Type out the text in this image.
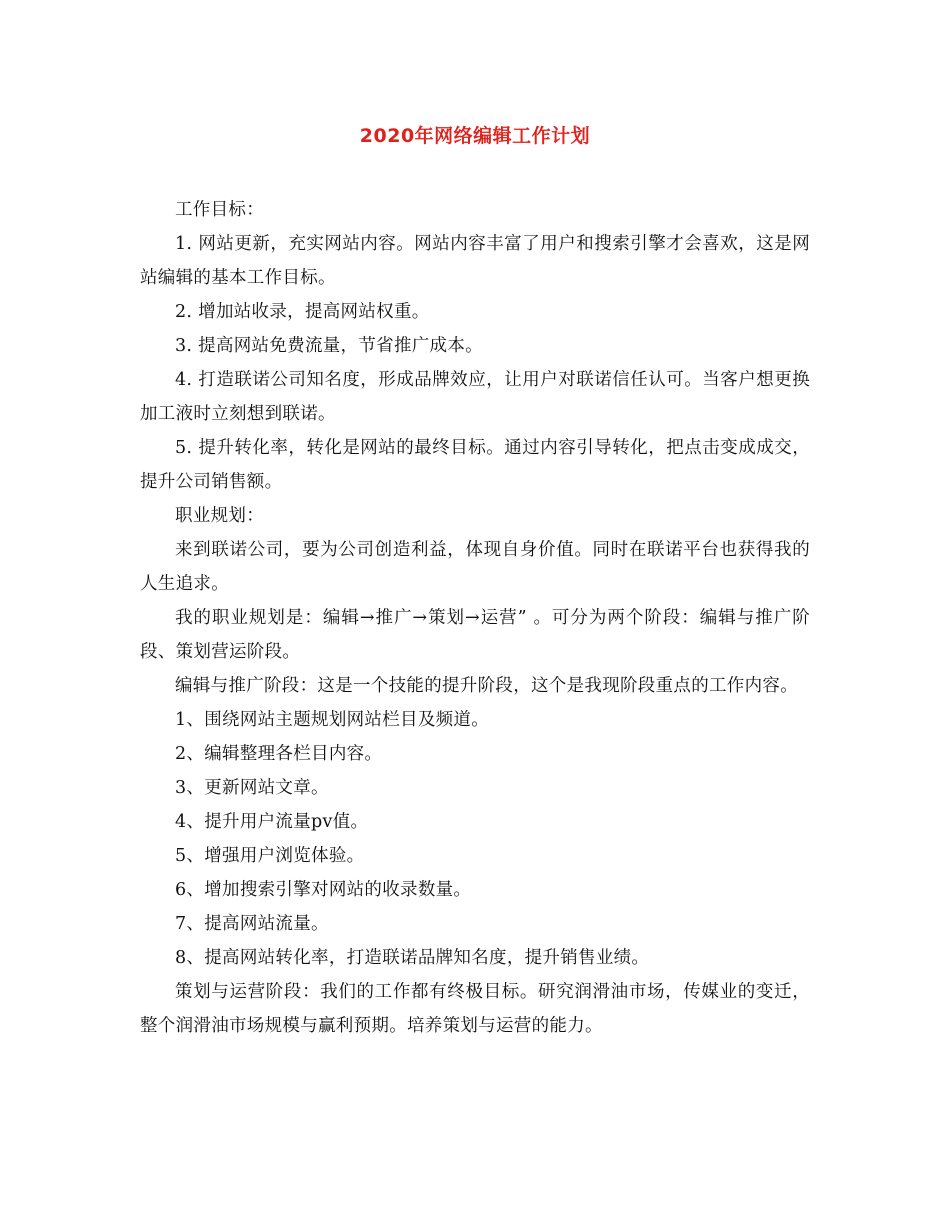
2020年网络编辑工作计划

工作目标：

1. 网站更新，充实网站内容。网站内容丰富了用户和搜索引擎才会喜欢，这是网站编辑的基本工作目标。

2. 增加站收录，提高网站权重。

3. 提高网站免费流量，节省推广成本。

4. 打造联诺公司知名度，形成品牌效应，让用户对联诺信任认可。当客户想更换加工液时立刻想到联诺。

5. 提升转化率，转化是网站的最终目标。通过内容引导转化，把点击变成成交，提升公司销售额。

职业规划：

来到联诺公司，要为公司创造利益，体现自身价值。同时在联诺平台也获得我的人生追求。

我的职业规划是：编辑→推广→策划→运营” 。可分为两个阶段：编辑与推广阶段、策划营运阶段。

编辑与推广阶段：这是一个技能的提升阶段，这个是我现阶段重点的工作内容。

1、围绕网站主题规划网站栏目及频道。

2、编辑整理各栏目内容。

3、更新网站文章。

4、提升用户流量pv值。

5、增强用户浏览体验。

6、增加搜索引擎对网站的收录数量。

7、提高网站流量。

8、提高网站转化率，打造联诺品牌知名度，提升销售业绩。

策划与运营阶段：我们的工作都有终极目标。研究润滑油市场，传媒业的变迁，整个润滑油市场规模与赢利预期。培养策划与运营的能力。
